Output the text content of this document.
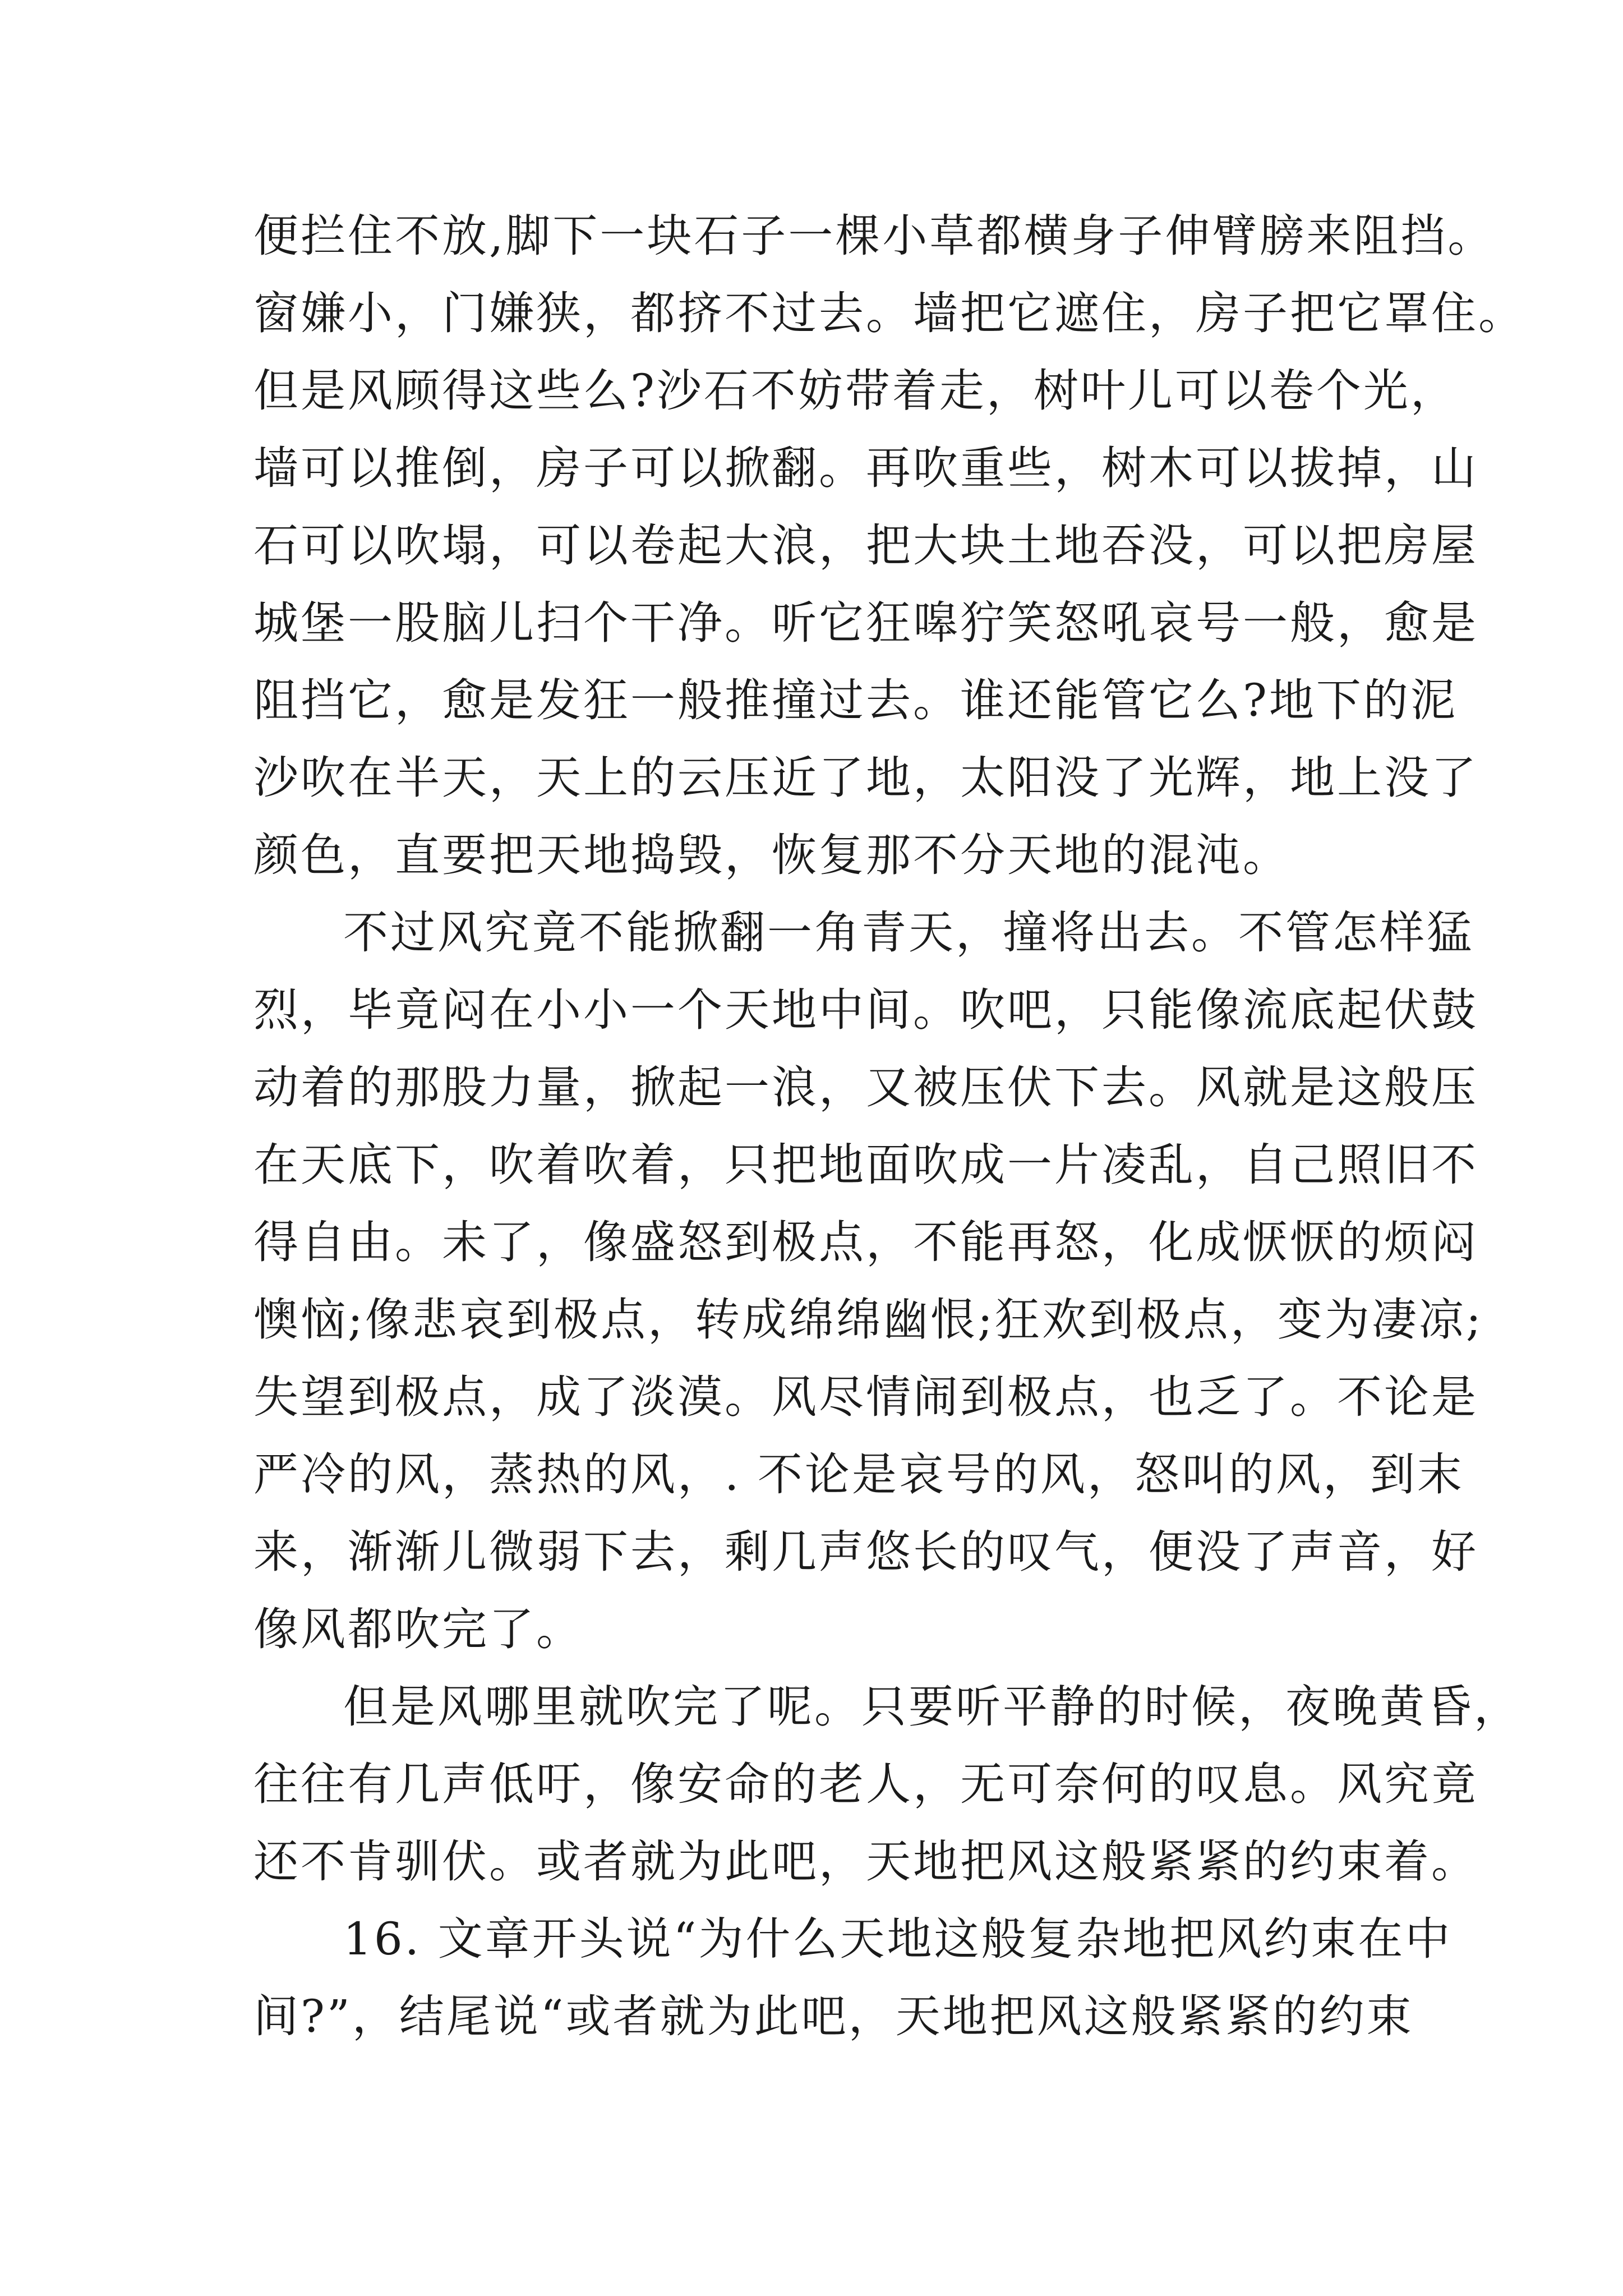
便拦住不放,脚下一块石子一棵小草都横身子伸臂膀来阻挡。
窗嫌小，门嫌狭，都挤不过去。墙把它遮住，房子把它罩住。
但是风顾得这些么?沙石不妨带着走，树叶儿可以卷个光，
墙可以推倒，房子可以掀翻。再吹重些，树木可以拔掉，山
石可以吹塌，可以卷起大浪，把大块土地吞没，可以把房屋
城堡一股脑儿扫个干净。听它狂嗥狞笑怒吼哀号一般，愈是
阻挡它，愈是发狂一般推撞过去。谁还能管它么?地下的泥
沙吹在半天，天上的云压近了地，太阳没了光辉，地上没了
颜色，直要把天地捣毁，恢复那不分天地的混沌。
不过风究竟不能掀翻一角青天，撞将出去。不管怎样猛
烈，毕竟闷在小小一个天地中间。吹吧，只能像流底起伏鼓
动着的那股力量，掀起一浪，又被压伏下去。风就是这般压
在天底下，吹着吹着，只把地面吹成一片凌乱，自己照旧不
得自由。未了，像盛怒到极点，不能再怒，化成恹恹的烦闷
懊恼;像悲哀到极点，转成绵绵幽恨;狂欢到极点，变为凄凉;
失望到极点，成了淡漠。风尽情闹到极点，也乏了。不论是
严冷的风，蒸热的风，. 不论是哀号的风，怒叫的风，到末
来，渐渐儿微弱下去，剩几声悠长的叹气，便没了声音，好
像风都吹完了。
但是风哪里就吹完了呢。只要听平静的时候，夜晚黄昏，
往往有几声低吁，像安命的老人，无可奈何的叹息。风究竟
还不肯驯伏。或者就为此吧，天地把风这般紧紧的约束着。
16. 文章开头说“为什么天地这般复杂地把风约束在中
间?”，结尾说“或者就为此吧，天地把风这般紧紧的约束
